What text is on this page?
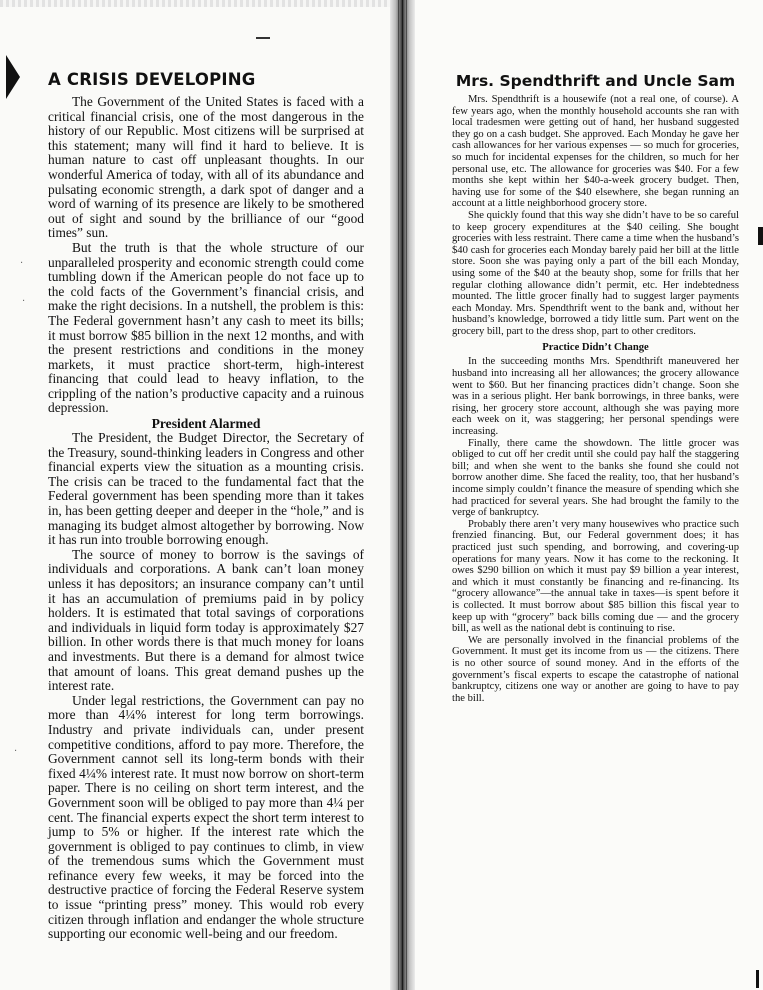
·
·
·
A CRISIS DEVELOPING

The Government of the United States is faced with a critical financial crisis, one of the most dangerous in the history of our Republic. Most citizens will be surprised at this statement; many will find it hard to believe. It is human nature to cast off unpleasant thoughts. In our wonderful America of today, with all of its abundance and pulsating economic strength, a dark spot of danger and a word of warning of its presence are likely to be smothered out of sight and sound by the brilliance of our “good times” sun.

But the truth is that the whole structure of our unparalleled prosperity and economic strength could come tumbling down if the American people do not face up to the cold facts of the Government’s financial crisis, and make the right decisions. In a nutshell, the problem is this: The Federal government hasn’t any cash to meet its bills; it must borrow $85 billion in the next 12 months, and with the present restrictions and conditions in the money markets, it must practice short-term, high-interest financing that could lead to heavy inflation, to the crippling of the nation’s productive capacity and a ruinous depression.

President Alarmed

The President, the Budget Director, the Secretary of the Treasury, sound-thinking leaders in Congress and other financial experts view the situation as a mounting crisis. The crisis can be traced to the fundamental fact that the Federal government has been spending more than it takes in, has been getting deeper and deeper in the “hole,” and is managing its budget almost altogether by borrowing. Now it has run into trouble borrowing enough.

The source of money to borrow is the savings of individuals and corporations. A bank can’t loan money unless it has depositors; an insurance company can’t until it has an accumulation of premiums paid in by policy holders. It is estimated that total savings of corporations and individuals in liquid form today is approximately $27 billion. In other words there is that much money for loans and investments. But there is a demand for almost twice that amount of loans. This great demand pushes up the interest rate.

Under legal restrictions, the Government can pay no more than 4¼% interest for long term borrowings. Industry and private individuals can, under present competitive conditions, afford to pay more. Therefore, the Government cannot sell its long-term bonds with their fixed 4¼% interest rate. It must now borrow on short-term paper. There is no ceiling on short term interest, and the Government soon will be obliged to pay more than 4¼ per cent. The financial experts expect the short term interest to jump to 5% or higher. If the interest rate which the government is obliged to pay continues to climb, in view of the tremendous sums which the Government must refinance every few weeks, it may be forced into the destructive practice of forcing the Federal Reserve system to issue “printing press” money. This would rob every citizen through inflation and endanger the whole structure supporting our economic well-being and our freedom.

Mrs. Spendthrift and Uncle Sam

Mrs. Spendthrift is a housewife (not a real one, of course). A few years ago, when the monthly household accounts she ran with local tradesmen were getting out of hand, her husband suggested they go on a cash budget. She approved. Each Monday he gave her cash allowances for her various expenses — so much for groceries, so much for incidental expenses for the children, so much for her personal use, etc. The allowance for groceries was $40. For a few months she kept within her $40-a-week grocery budget. Then, having use for some of the $40 elsewhere, she began running an account at a little neighborhood grocery store.

She quickly found that this way she didn’t have to be so careful to keep grocery expenditures at the $40 ceiling. She bought groceries with less restraint. There came a time when the husband’s $40 cash for groceries each Monday barely paid her bill at the little store. Soon she was paying only a part of the bill each Monday, using some of the $40 at the beauty shop, some for frills that her regular clothing allowance didn’t permit, etc. Her indebtedness mounted. The little grocer finally had to suggest larger payments each Monday. Mrs. Spendthrift went to the bank and, without her husband’s knowledge, borrowed a tidy little sum. Part went on the grocery bill, part to the dress shop, part to other creditors.

Practice Didn’t Change

In the succeeding months Mrs. Spendthrift maneuvered her husband into increasing all her allowances; the grocery allowance went to $60. But her financing practices didn’t change. Soon she was in a serious plight. Her bank borrowings, in three banks, were rising, her grocery store account, although she was paying more each week on it, was staggering; her personal spendings were increasing.

Finally, there came the showdown. The little grocer was obliged to cut off her credit until she could pay half the staggering bill; and when she went to the banks she found she could not borrow another dime. She faced the reality, too, that her husband’s income simply couldn’t finance the measure of spending which she had practiced for several years. She had brought the family to the verge of bankruptcy.

Probably there aren’t very many housewives who practice such frenzied financing. But, our Federal government does; it has practiced just such spending, and borrowing, and covering-up operations for many years. Now it has come to the reckoning. It owes $290 billion on which it must pay $9 billion a year interest, and which it must constantly be financing and re-financing. Its “grocery allowance”—the annual take in taxes—is spent before it is collected. It must borrow about $85 billion this fiscal year to keep up with “grocery” back bills coming due — and the grocery bill, as well as the national debt is continuing to rise.

We are personally involved in the financial problems of the Government. It must get its income from us — the citizens. There is no other source of sound money. And in the efforts of the government’s fiscal experts to escape the catastrophe of national bankruptcy, citizens one way or another are going to have to pay the bill.
